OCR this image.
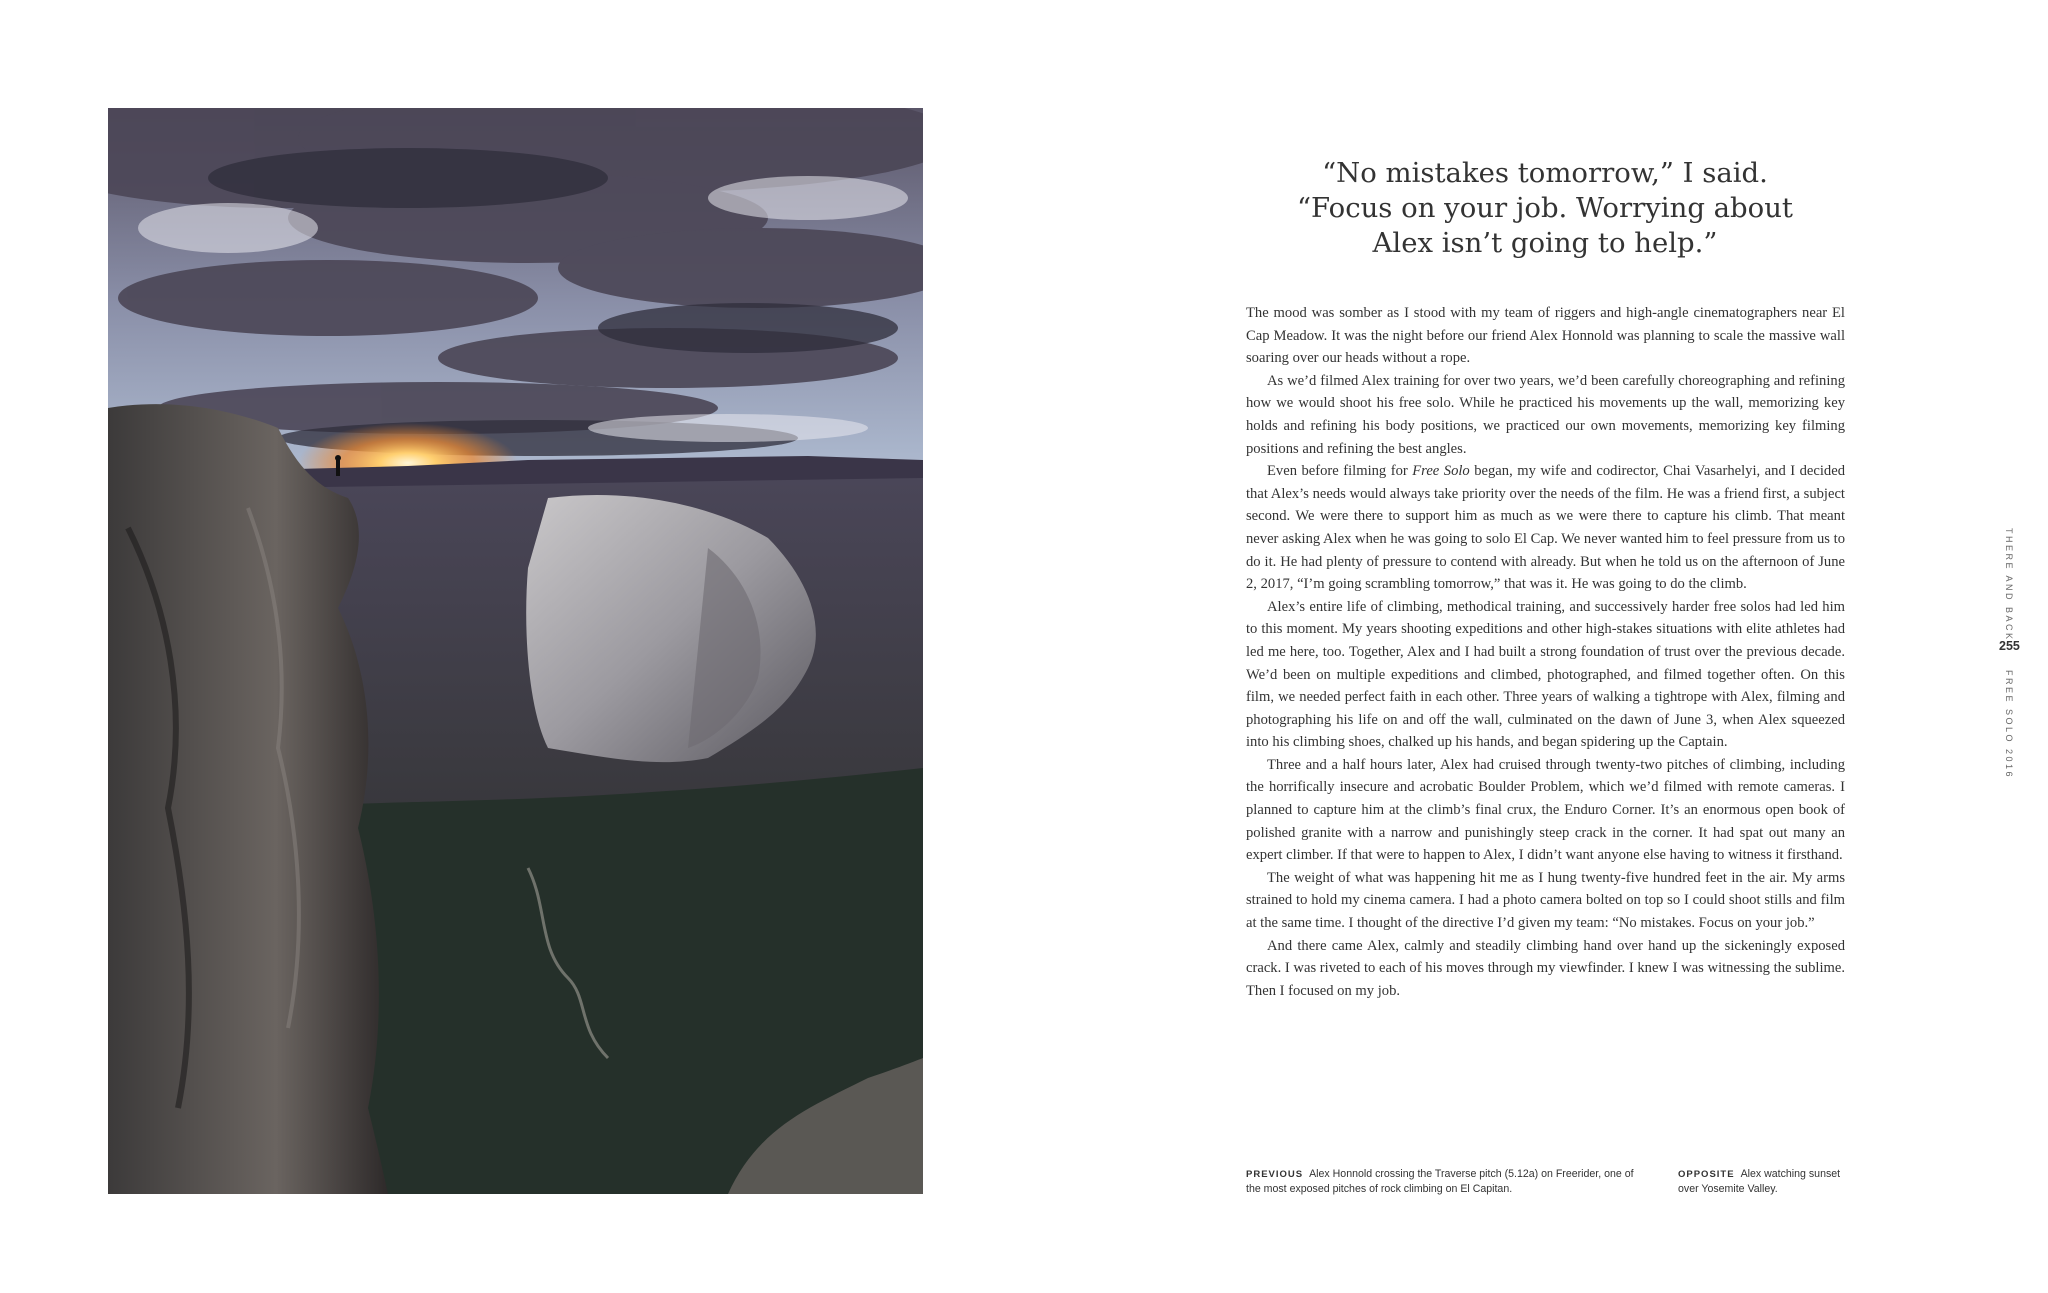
“No mistakes tomorrow,” I said.
“Focus on your job. Worrying about
Alex isn’t going to help.”

The mood was somber as I stood with my team of riggers and high-angle cinematographers near El Cap Meadow. It was the night before our friend Alex Honnold was planning to scale the massive wall soaring over our heads without a rope.

As we’d filmed Alex training for over two years, we’d been carefully choreographing and refining how we would shoot his free solo. While he practiced his movements up the wall, memorizing key holds and refining his body positions, we practiced our own movements, memorizing key filming positions and refining the best angles.

Even before filming for Free Solo began, my wife and codirector, Chai Vasarhelyi, and I decided that Alex’s needs would always take priority over the needs of the film. He was a friend first, a subject second. We were there to support him as much as we were there to capture his climb. That meant never asking Alex when he was going to solo El Cap. We never wanted him to feel pressure from us to do it. He had plenty of pressure to contend with already. But when he told us on the afternoon of June 2, 2017, “I’m going scrambling tomorrow,” that was it. He was going to do the climb.

Alex’s entire life of climbing, methodical training, and successively harder free solos had led him to this moment. My years shooting expeditions and other high-stakes situations with elite athletes had led me here, too. Together, Alex and I had built a strong foundation of trust over the previous decade. We’d been on multiple expeditions and climbed, photographed, and filmed together often. On this film, we needed perfect faith in each other. Three years of walking a tightrope with Alex, filming and photographing his life on and off the wall, culminated on the dawn of June 3, when Alex squeezed into his climbing shoes, chalked up his hands, and began spidering up the Captain.

Three and a half hours later, Alex had cruised through twenty-two pitches of climbing, including the horrifically insecure and acrobatic Boulder Problem, which we’d filmed with remote cameras. I planned to capture him at the climb’s final crux, the Enduro Corner. It’s an enormous open book of polished granite with a narrow and punishingly steep crack in the corner. It had spat out many an expert climber. If that were to happen to Alex, I didn’t want anyone else having to witness it firsthand.

The weight of what was happening hit me as I hung twenty-five hundred feet in the air. My arms strained to hold my cinema camera. I had a photo camera bolted on top so I could shoot stills and film at the same time. I thought of the directive I’d given my team: “No mistakes. Focus on your job.”

And there came Alex, calmly and steadily climbing hand over hand up the sickeningly exposed crack. I was riveted to each of his moves through my viewfinder. I knew I was witnessing the sublime. Then I focused on my job.

PREVIOUS Alex Honnold crossing the Traverse pitch (5.12a) on Freerider, one of the most exposed pitches of rock climbing on El Capitan.
OPPOSITE Alex watching sunset over Yosemite Valley.
THERE AND BACK
255
FREE SOLO 2016
